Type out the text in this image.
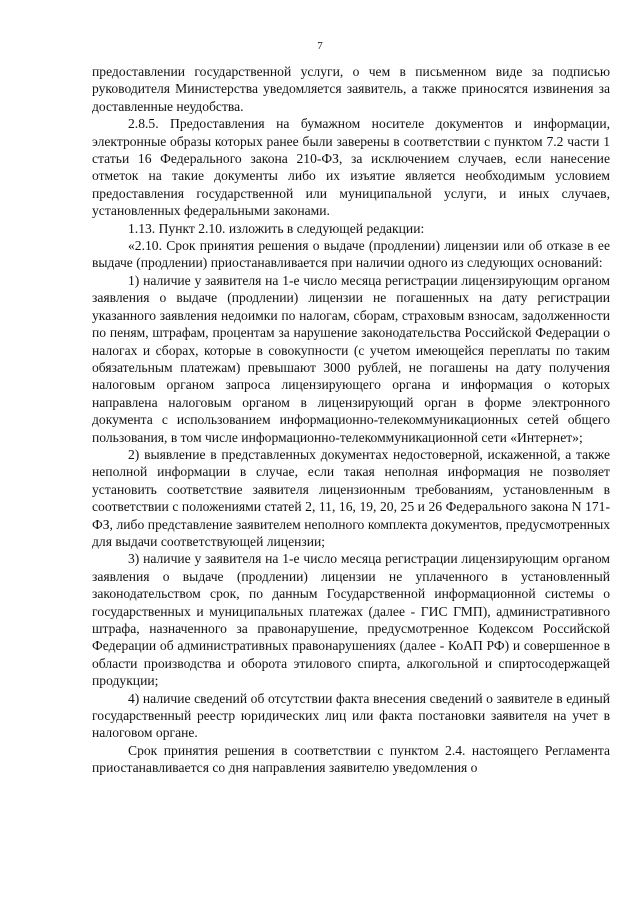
7

предоставлении государственной услуги, о чем в письменном виде за подписью руководителя Министерства уведомляется заявитель, а также приносятся извинения за доставленные неудобства.

2.8.5. Предоставления на бумажном носителе документов и информации, электронные образы которых ранее были заверены в соответствии с пунктом 7.2 части 1 статьи 16 Федерального закона 210-ФЗ, за исключением случаев, если нанесение отметок на такие документы либо их изъятие является необходимым условием предоставления государственной или муниципальной услуги, и иных случаев, установленных федеральными законами.

1.13. Пункт 2.10. изложить в следующей редакции:

«2.10. Срок принятия решения о выдаче (продлении) лицензии или об отказе в ее выдаче (продлении) приостанавливается при наличии одного из следующих оснований:

1) наличие у заявителя на 1-е число месяца регистрации лицензирующим органом заявления о выдаче (продлении) лицензии не погашенных на дату регистрации указанного заявления недоимки по налогам, сборам, страховым взносам, задолженности по пеням, штрафам, процентам за нарушение законодательства Российской Федерации о налогах и сборах, которые в совокупности (с учетом имеющейся переплаты по таким обязательным платежам) превышают 3000 рублей, не погашены на дату получения налоговым органом запроса лицензирующего органа и информация о которых направлена налоговым органом в лицензирующий орган в форме электронного документа с использованием информационно-телекоммуникационных сетей общего пользования, в том числе информационно-телекоммуникационной сети «Интернет»;

2) выявление в представленных документах недостоверной, искаженной, а также неполной информации в случае, если такая неполная информация не позволяет установить соответствие заявителя лицензионным требованиям, установленным в соответствии с положениями статей 2, 11, 16, 19, 20, 25 и 26 Федерального закона N 171-ФЗ, либо представление заявителем неполного комплекта документов, предусмотренных для выдачи соответствующей лицензии;

3) наличие у заявителя на 1-е число месяца регистрации лицензирующим органом заявления о выдаче (продлении) лицензии не уплаченного в установленный законодательством срок, по данным Государственной информационной системы о государственных и муниципальных платежах (далее - ГИС ГМП), административного штрафа, назначенного за правонарушение, предусмотренное Кодексом Российской Федерации об административных правонарушениях (далее - КоАП РФ) и совершенное в области производства и оборота этилового спирта, алкогольной и спиртосодержащей продукции;

4) наличие сведений об отсутствии факта внесения сведений о заявителе в единый государственный реестр юридических лиц или факта постановки заявителя на учет в налоговом органе.

Срок принятия решения в соответствии с пунктом 2.4. настоящего Регламента приостанавливается со дня направления заявителю уведомления о
